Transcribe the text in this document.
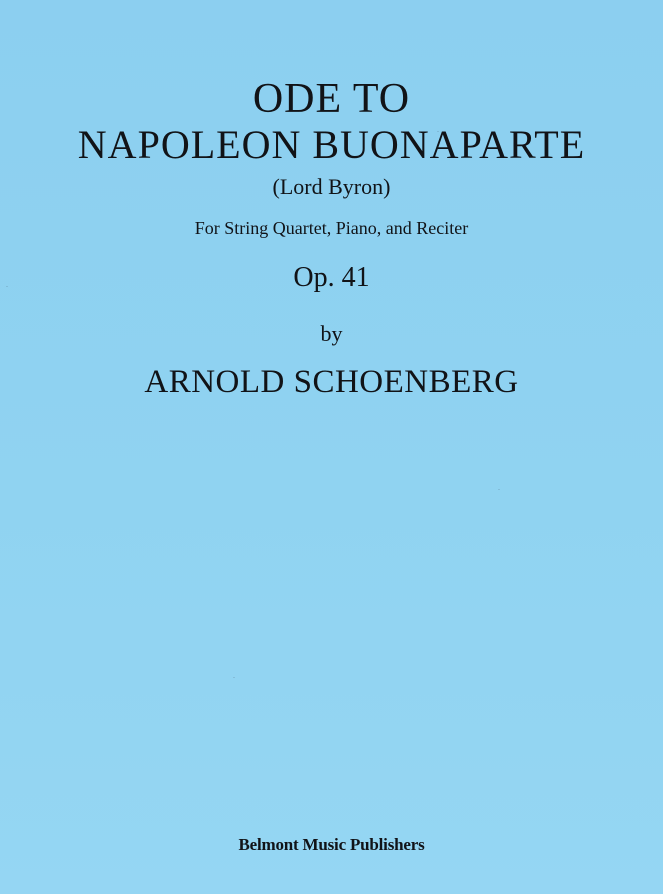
ODE TO
NAPOLEON BUONAPARTE
(Lord Byron)
For String Quartet, Piano, and Reciter
Op. 41
by
ARNOLD SCHOENBERG
Belmont Music Publishers
